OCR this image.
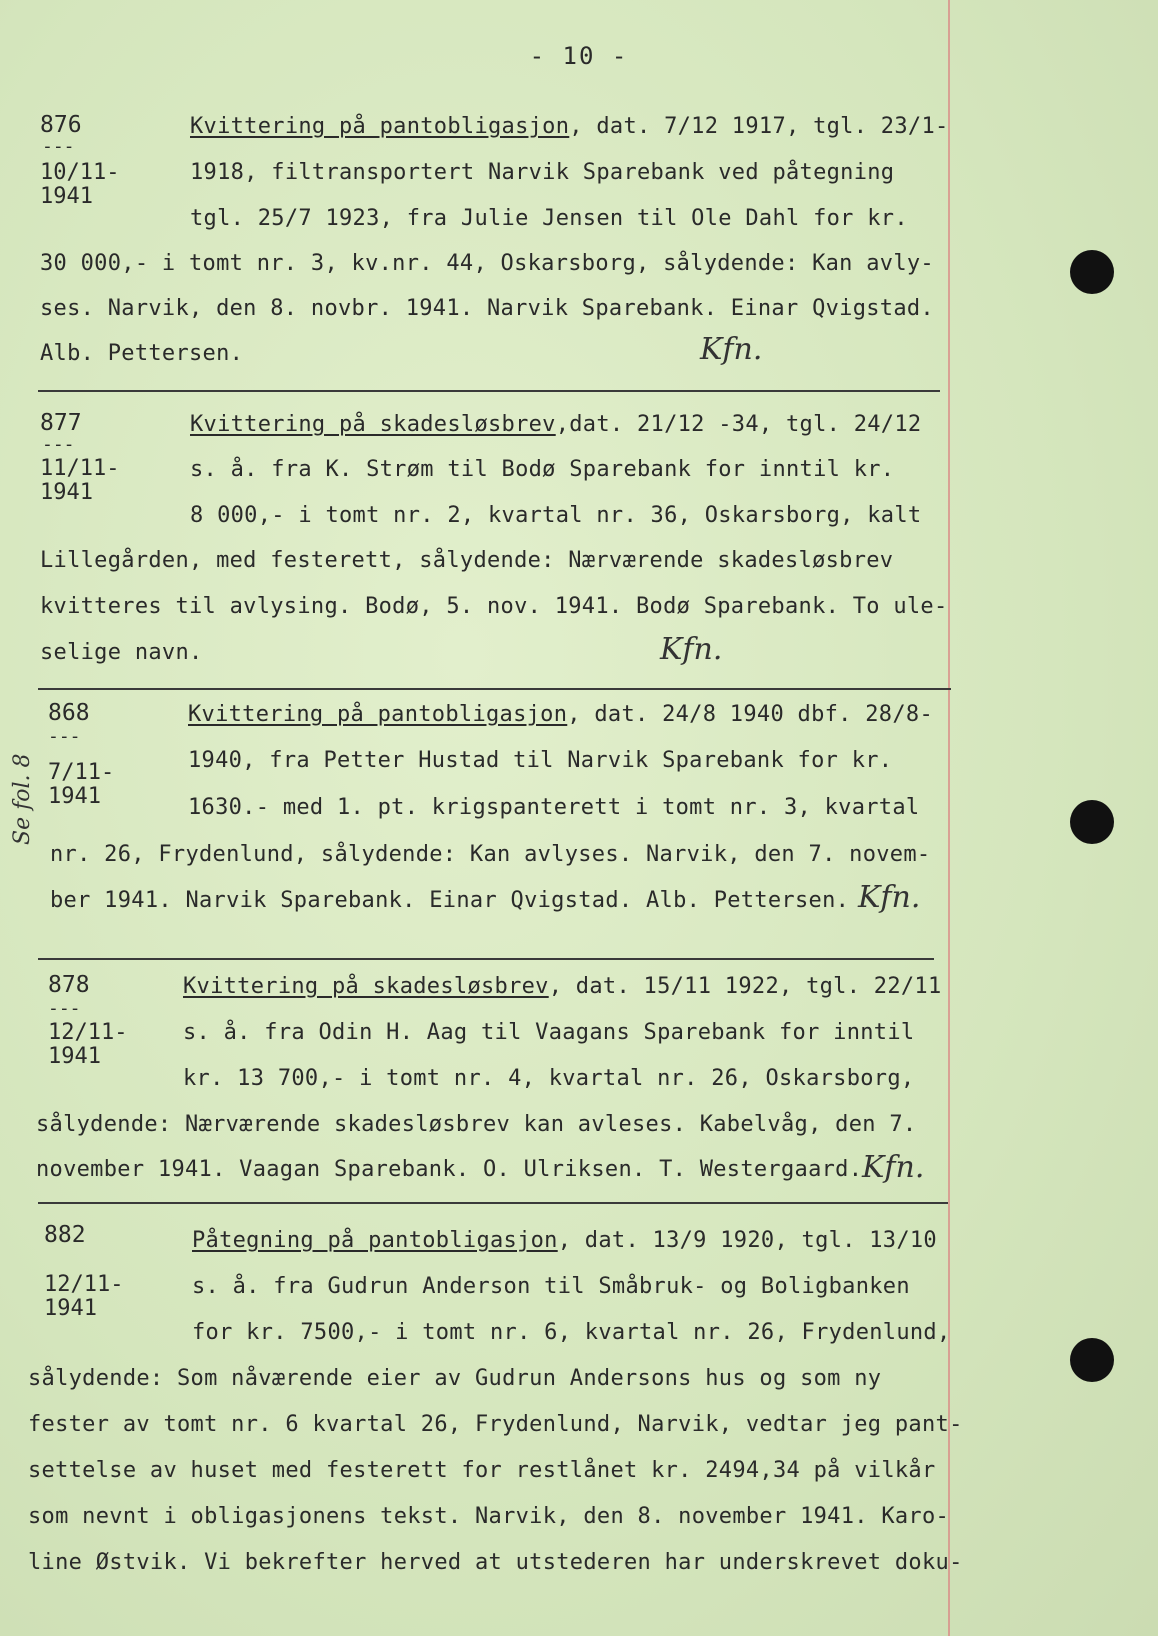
- 10 -
Se fol. 8
876
---
10/11-
1941
Kvittering på pantobligasjon, dat. 7/12 1917, tgl. 23/1-
1918, filtransportert Narvik Sparebank ved påtegning
tgl. 25/7 1923, fra Julie Jensen til Ole Dahl for kr.
30 000,- i tomt nr. 3, kv.nr. 44, Oskarsborg, sålydende: Kan avly-
ses. Narvik, den 8. novbr. 1941. Narvik Sparebank. Einar Qvigstad.
Alb. Pettersen.	Kfn.
877
---
11/11-
1941
Kvittering på skadesløsbrev,dat. 21/12 -34, tgl. 24/12
s. å. fra K. Strøm til Bodø Sparebank for inntil kr.
8 000,- i tomt nr. 2, kvartal nr. 36, Oskarsborg, kalt
Lillegården, med festerett, sålydende: Nærværende skadesløsbrev
kvitteres til avlysing. Bodø, 5. nov. 1941. Bodø Sparebank. To ule-
selige navn.	Kfn.
868
---
7/11-
1941
Kvittering på pantobligasjon, dat. 24/8 1940 dbf. 28/8-
1940, fra Petter Hustad til Narvik Sparebank for kr.
1630.- med 1. pt. krigspanterett i tomt nr. 3, kvartal
nr. 26, Frydenlund, sålydende: Kan avlyses. Narvik, den 7. novem-
ber 1941. Narvik Sparebank. Einar Qvigstad. Alb. Pettersen. Kfn.
878
---
12/11-
1941
Kvittering på skadesløsbrev, dat. 15/11 1922, tgl. 22/11
s. å. fra Odin H. Aag til Vaagans Sparebank for inntil
kr. 13 700,- i tomt nr. 4, kvartal nr. 26, Oskarsborg,
sålydende: Nærværende skadesløsbrev kan avleses. Kabelvåg, den 7.
november 1941. Vaagan Sparebank. O. Ulriksen. T. Westergaard. Kfn.
882
12/11-
1941
Påtegning på pantobligasjon, dat. 13/9 1920, tgl. 13/10
s. å. fra Gudrun Anderson til Småbruk- og Boligbanken
for kr. 7500,- i tomt nr. 6, kvartal nr. 26, Frydenlund,
sålydende: Som nåværende eier av Gudrun Andersons hus og som ny
fester av tomt nr. 6 kvartal 26, Frydenlund, Narvik, vedtar jeg pant-
settelse av huset med festerett for restlånet kr. 2494,34 på vilkår
som nevnt i obligasjonens tekst. Narvik, den 8. november 1941. Karo-
line Østvik. Vi bekrefter herved at utstederen har underskrevet doku-
